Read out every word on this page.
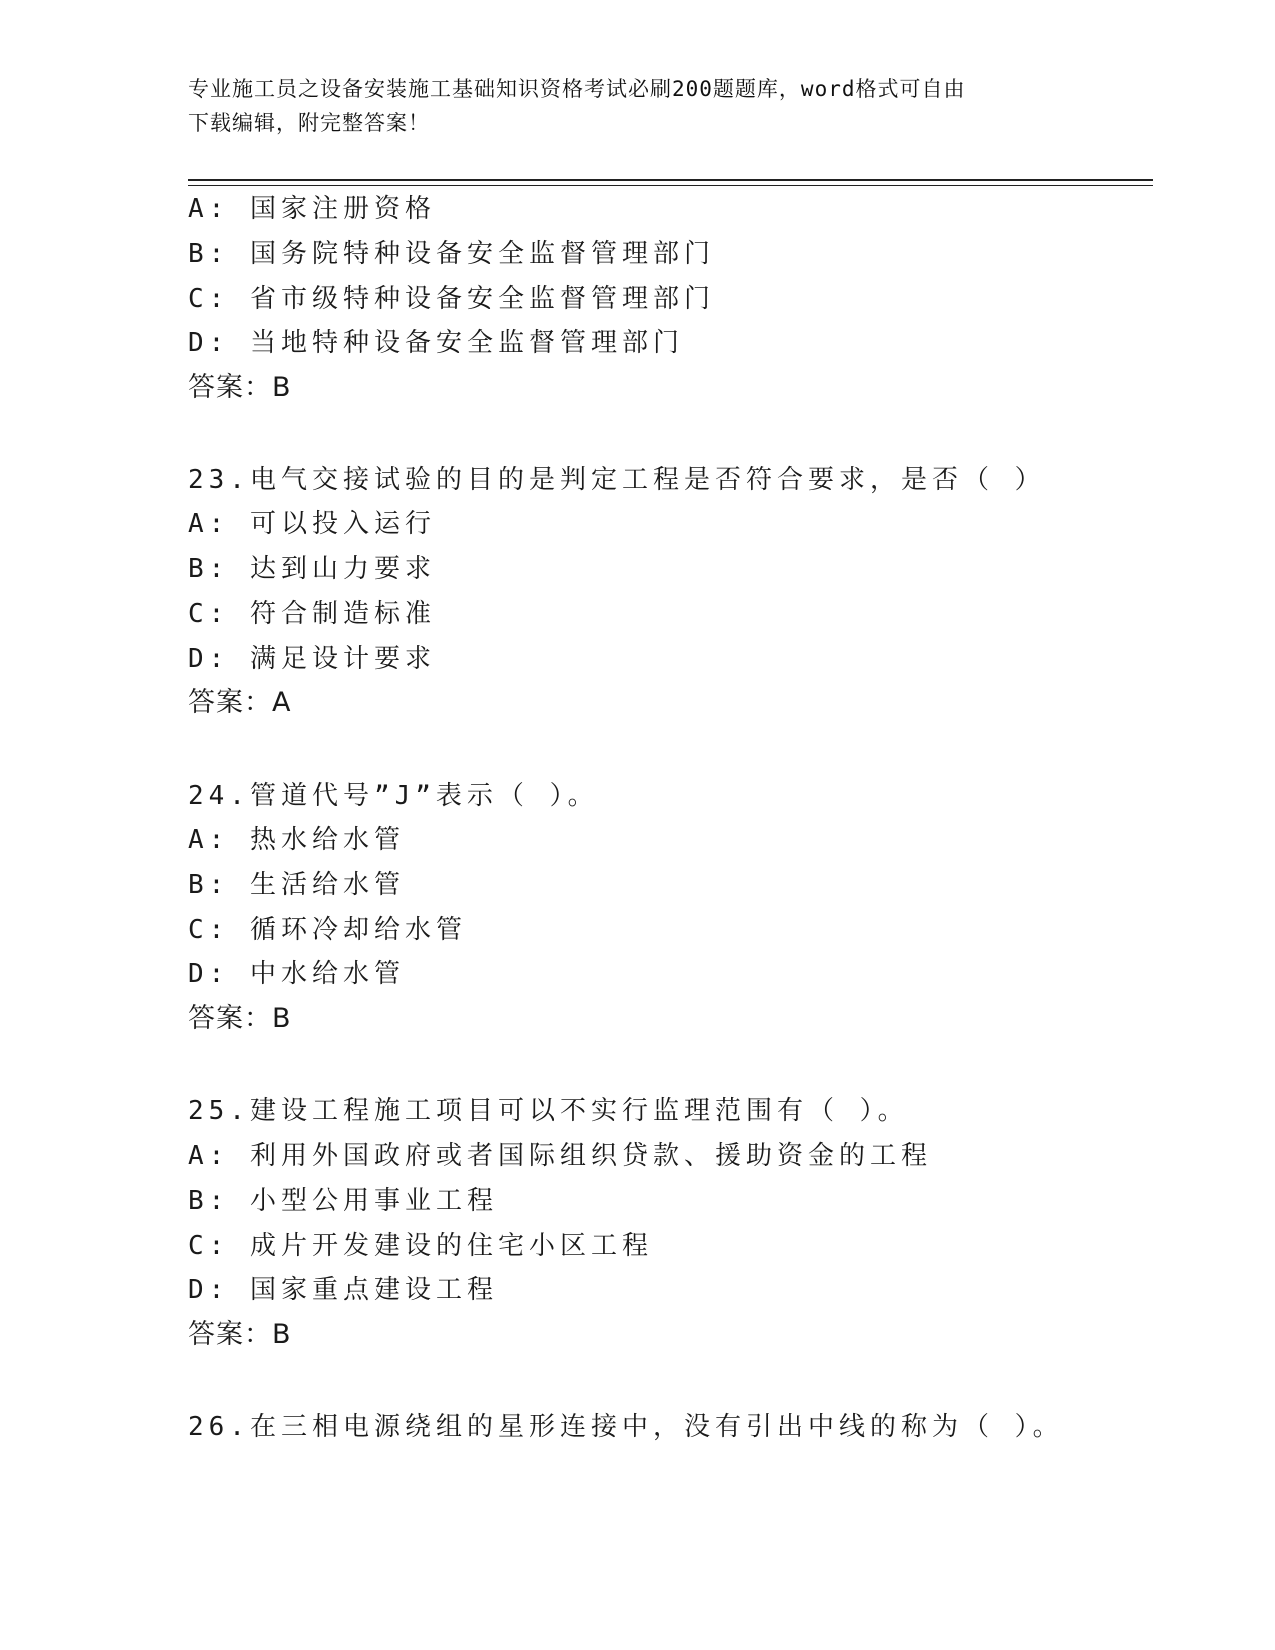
专业施工员之设备安装施工基础知识资格考试必刷200题题库，word格式可自由
下载编辑，附完整答案！
A: 国家注册资格
B: 国务院特种设备安全监督管理部门
C: 省市级特种设备安全监督管理部门
D: 当地特种设备安全监督管理部门
答案：B
23.电气交接试验的目的是判定工程是否符合要求，是否（ ）
A: 可以投入运行
B: 达到山力要求
C: 符合制造标准
D: 满足设计要求
答案：A
24.管道代号”J”表示（ ）。
A: 热水给水管
B: 生活给水管
C: 循环冷却给水管
D: 中水给水管
答案：B
25.建设工程施工项目可以不实行监理范围有（ ）。
A: 利用外国政府或者国际组织贷款、援助资金的工程
B: 小型公用事业工程
C: 成片开发建设的住宅小区工程
D: 国家重点建设工程
答案：B
26.在三相电源绕组的星形连接中，没有引出中线的称为（ ）。
